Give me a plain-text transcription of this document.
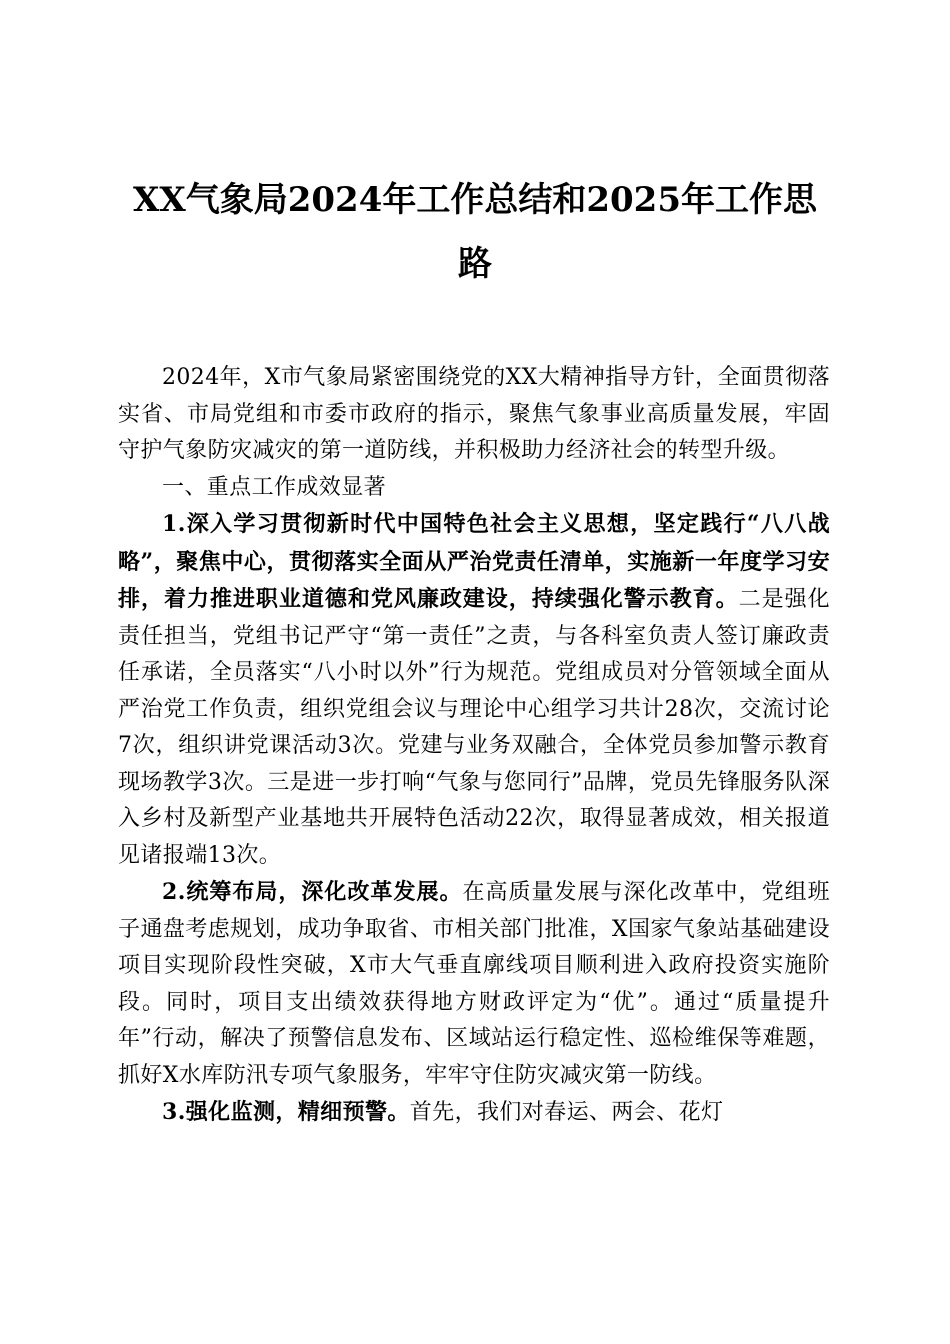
XX气象局2024年工作总结和2025年工作思路

2024年，X市气象局紧密围绕党的XX大精神指导方针，全面贯彻落实省、市局党组和市委市政府的指示，聚焦气象事业高质量发展，牢固守护气象防灾减灾的第一道防线，并积极助力经济社会的转型升级。

一、重点工作成效显著

1.深入学习贯彻新时代中国特色社会主义思想，坚定践行“八八战略”，聚焦中心，贯彻落实全面从严治党责任清单，实施新一年度学习安排，着力推进职业道德和党风廉政建设，持续强化警示教育。二是强化责任担当，党组书记严守“第一责任”之责，与各科室负责人签订廉政责任承诺，全员落实“八小时以外”行为规范。党组成员对分管领域全面从严治党工作负责，组织党组会议与理论中心组学习共计28次，交流讨论7次，组织讲党课活动3次。党建与业务双融合，全体党员参加警示教育现场教学3次。三是进一步打响“气象与您同行”品牌，党员先锋服务队深入乡村及新型产业基地共开展特色活动22次，取得显著成效，相关报道见诸报端13次。

2.统筹布局，深化改革发展。在高质量发展与深化改革中，党组班子通盘考虑规划，成功争取省、市相关部门批准，X国家气象站基础建设项目实现阶段性突破，X市大气垂直廓线项目顺利进入政府投资实施阶段。同时，项目支出绩效获得地方财政评定为“优”。通过“质量提升年”行动，解决了预警信息发布、区域站运行稳定性、巡检维保等难题，抓好X水库防汛专项气象服务，牢牢守住防灾减灾第一防线。

3.强化监测，精细预警。首先，我们对春运、两会、花灯
